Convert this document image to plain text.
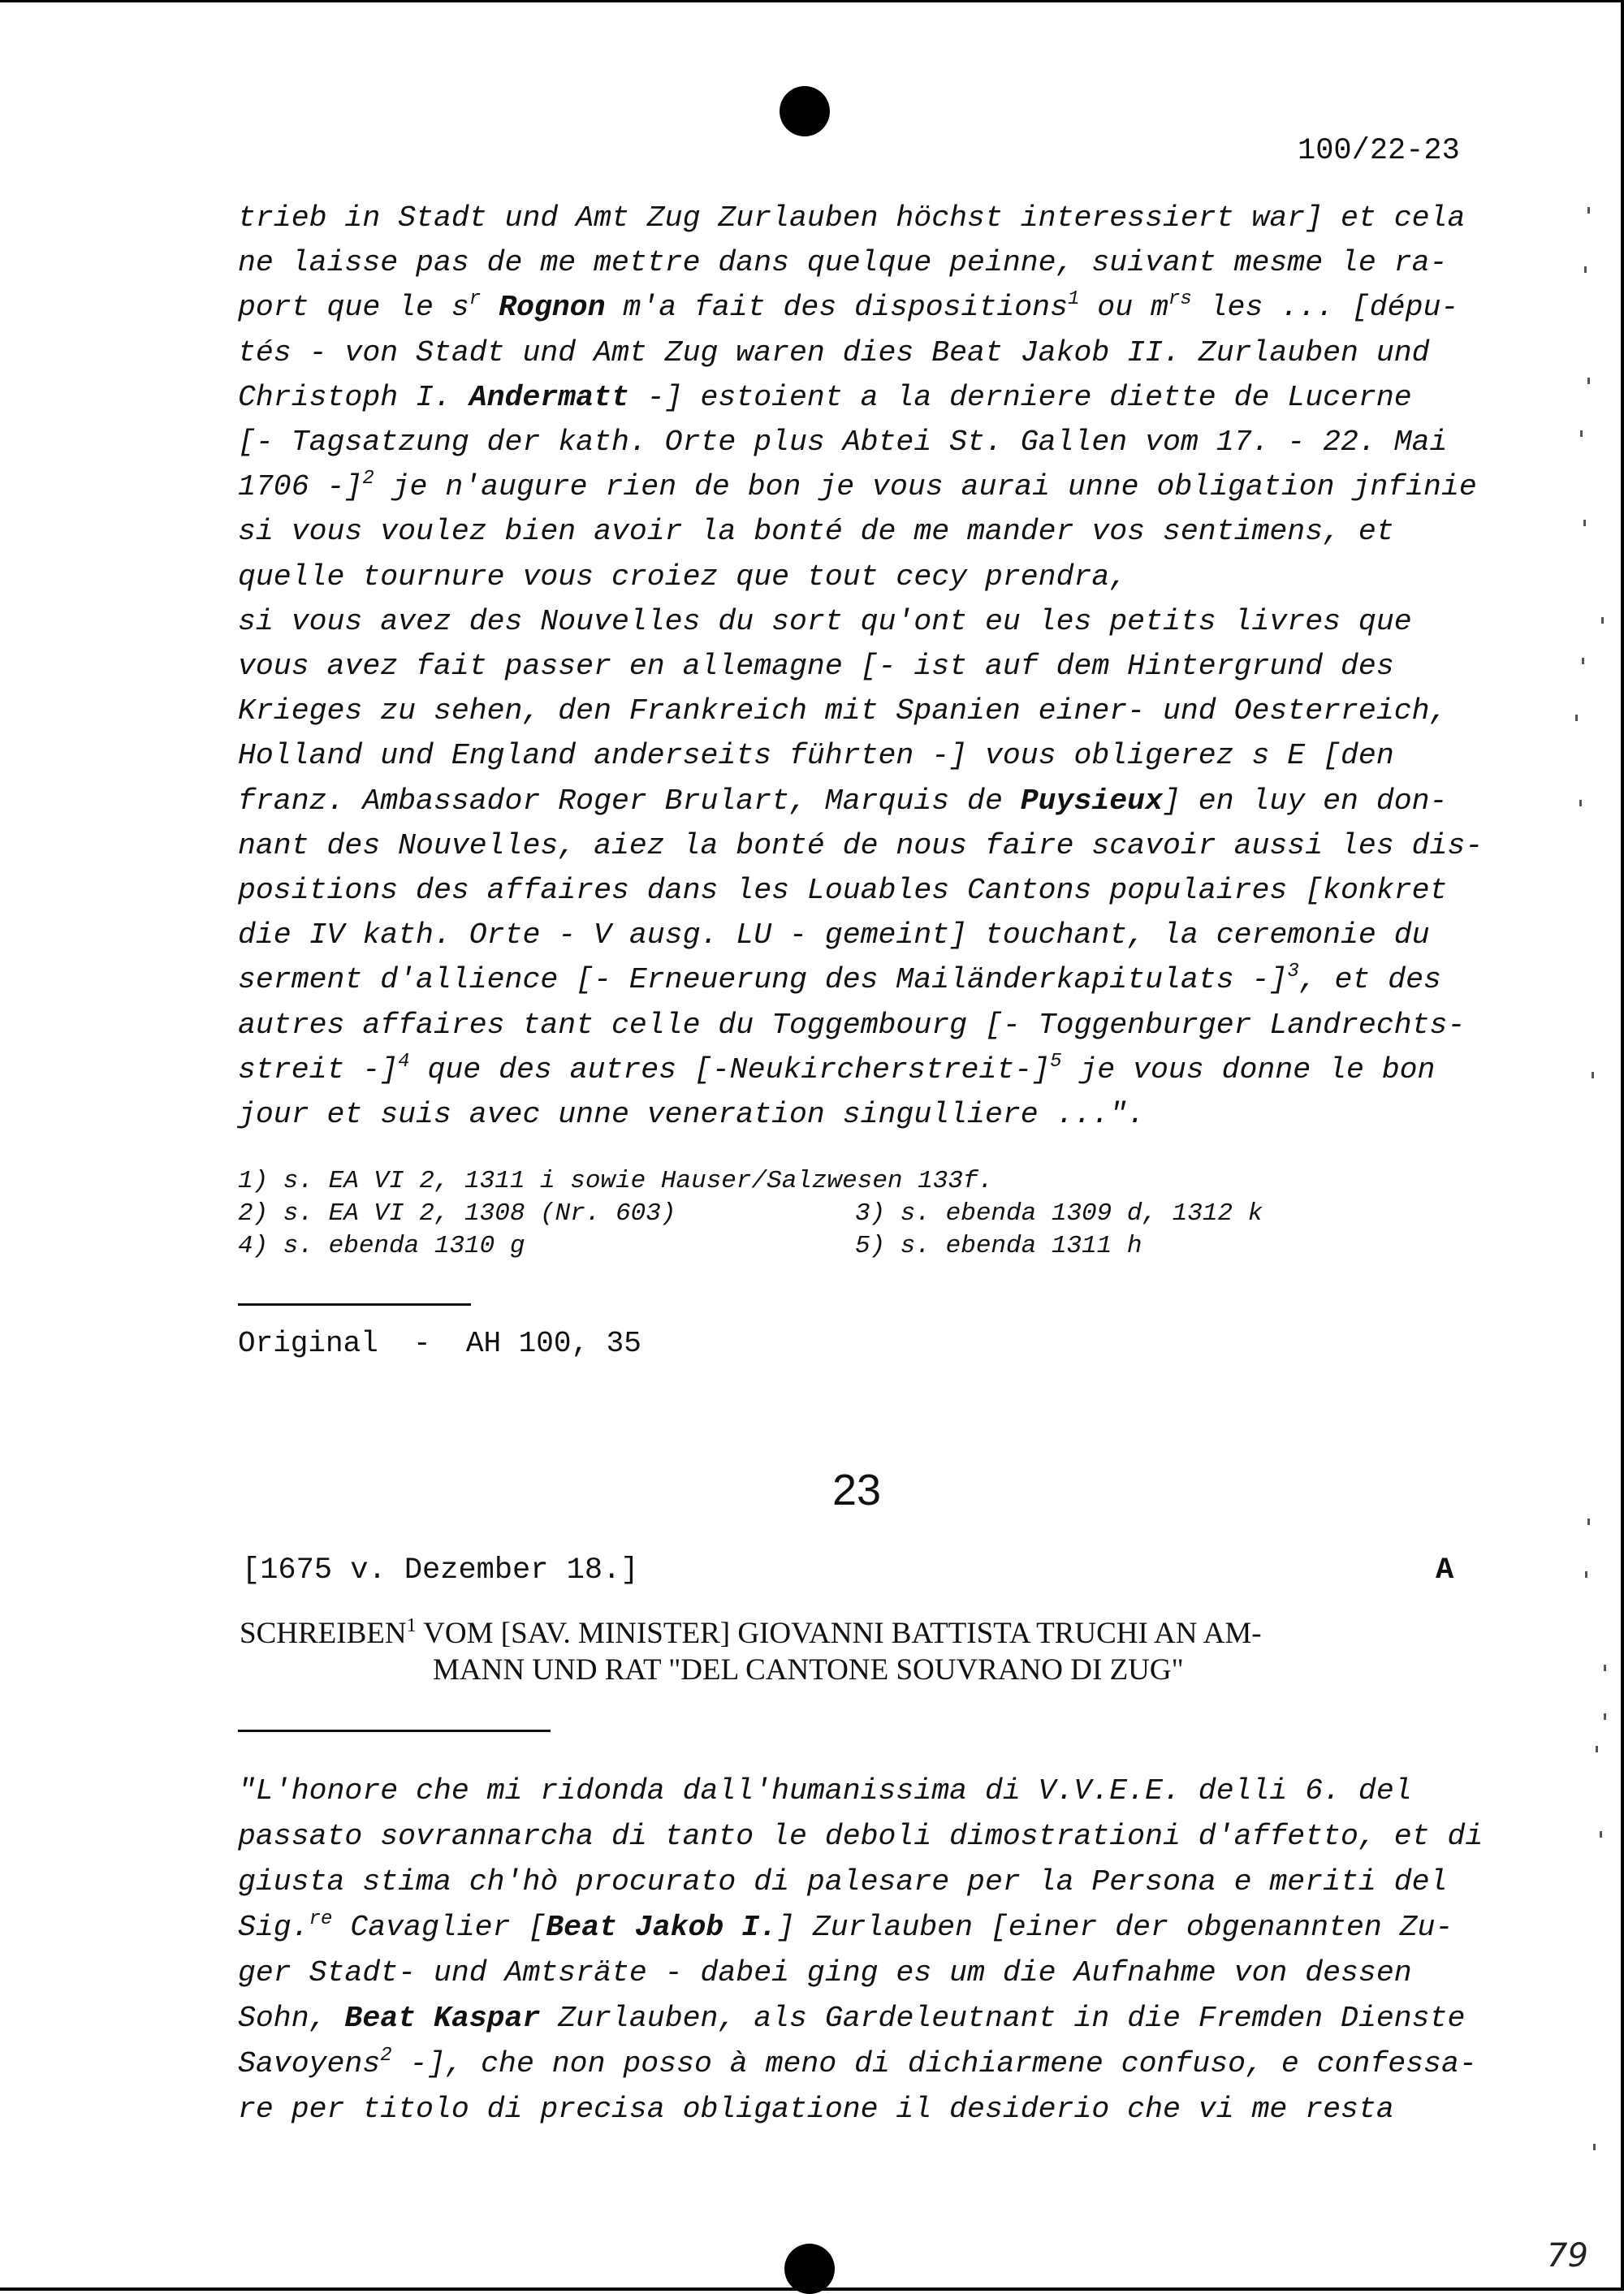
100/22-23
trieb in Stadt und Amt Zug Zurlauben höchst interessiert war] et cela
ne laisse pas de me mettre dans quelque peinne, suivant mesme le ra-
port que le $s^r$ Rognon m'a fait des dispositions$^1$ ou $m^{rs}$ les ... [dépu-
tés - von Stadt und Amt Zug waren dies Beat Jakob II. Zurlauben und
Christoph I. Andermatt -] estoient a la derniere diette de Lucerne
[- Tagsatzung der kath. Orte plus Abtei St. Gallen vom 17. - 22. Mai
1706 -]$^2$ je n'augure rien de bon je vous aurai unne obligation jnfinie
si vous voulez bien avoir la bonté de me mander vos sentimens, et
quelle tournure vous croiez que tout cecy prendra,
si vous avez des Nouvelles du sort qu'ont eu les petits livres que
vous avez fait passer en allemagne [- ist auf dem Hintergrund des
Krieges zu sehen, den Frankreich mit Spanien einer- und Oesterreich,
Holland und England anderseits führten -] vous obligerez s E [den
franz. Ambassador Roger Brulart, Marquis de Puysieux] en luy en don-
nant des Nouvelles, aiez la bonté de nous faire scavoir aussi les dis-
positions des affaires dans les Louables Cantons populaires [konkret
die IV kath. Orte - V ausg. LU - gemeint] touchant, la ceremonie du
serment d'allience [- Erneuerung des Mailänderkapitulats -]$^3$, et des
autres affaires tant celle du Toggembourg [- Toggenburger Landrechts-
streit -]$^4$ que des autres [-Neukircherstreit-]$^5$ je vous donne le bon
jour et suis avec unne veneration singulliere ...".
1) s. EA VI 2, 1311 i sowie Hauser/Salzwesen 133f.
2) s. EA VI 2, 1308 (Nr. 603)	3) s. ebenda 1309 d, 1312 k
4) s. ebenda 1310 g	5) s. ebenda 1311 h
Original  -  AH 100, 35
23
[1675 v. Dezember 18.]	A
SCHREIBEN$^1$ VOM [SAV. MINISTER] GIOVANNI BATTISTA TRUCHI AN AM-
MANN UND RAT "DEL CANTONE SOUVRANO DI ZUG"
"L'honore che mi ridonda dall'humanissima di V.V.E.E. delli 6. del
passato sovrannarcha di tanto le deboli dimostrationi d'affetto, et di
giusta stima ch'hò procurato di palesare per la Persona e meriti del
Sig.$^{re}$ Cavaglier [Beat Jakob I.] Zurlauben [einer der obgenannten Zu-
ger Stadt- und Amtsräte - dabei ging es um die Aufnahme von dessen
Sohn, Beat Kaspar Zurlauben, als Gardeleutnant in die Fremden Dienste
Savoyens$^2$ -], che non posso à meno di dichiarmene confuso, e confessa-
re per titolo di precisa obligatione il desiderio che vi me resta
79
